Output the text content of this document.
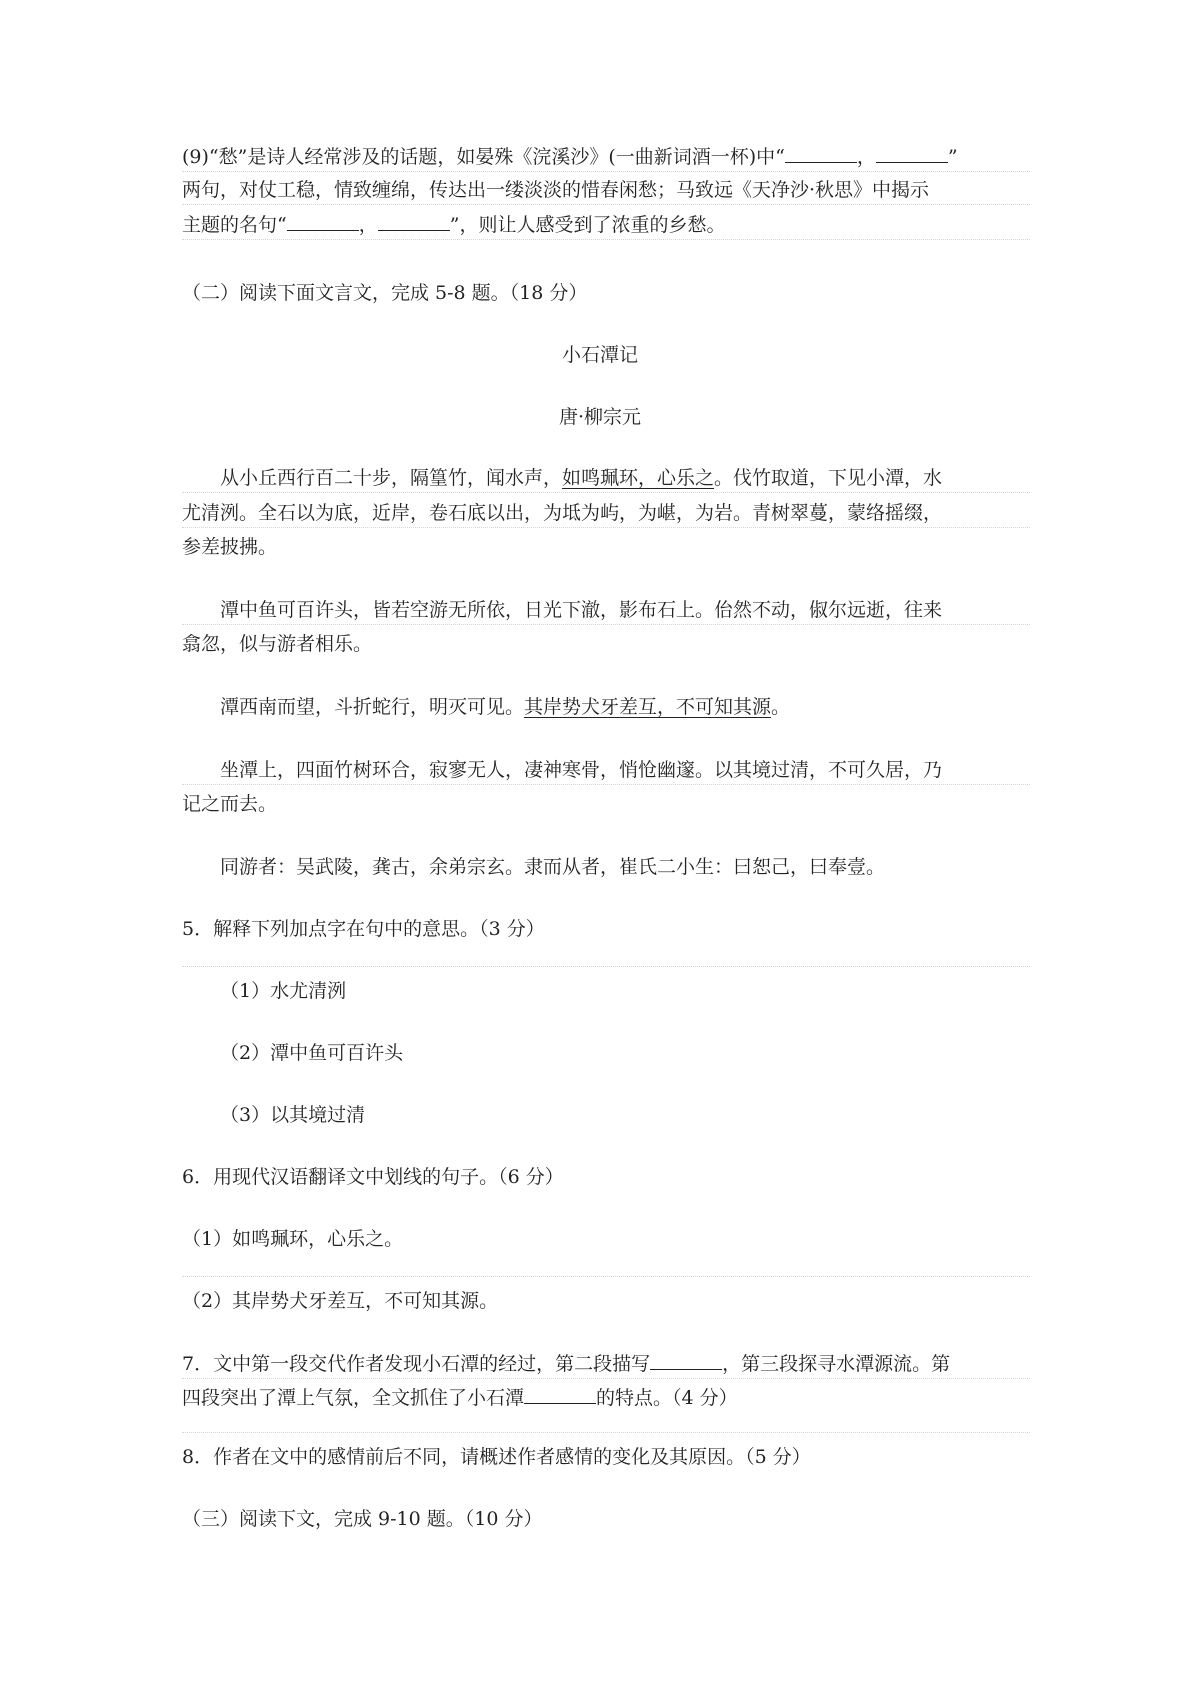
(9)“愁”是诗人经常涉及的话题，如晏殊《浣溪沙》(一曲新词酒一杯)中“	，	”
两句，对仗工稳，情致缠绵，传达出一缕淡淡的惜春闲愁；马致远《天净沙·秋思》中揭示
主题的名句“	，	”，则让人感受到了浓重的乡愁。
（二）阅读下面文言文，完成 5-8 题。（18 分）
小石潭记
唐·柳宗元
从小丘西行百二十步，隔篁竹，闻水声，如鸣珮环，心乐之。伐竹取道，下见小潭，水
尤清洌。全石以为底，近岸，卷石底以出，为坻为屿，为嵁，为岩。青树翠蔓，蒙络摇缀，
参差披拂。
潭中鱼可百许头，皆若空游无所依，日光下澈，影布石上。佁然不动，俶尔远逝，往来
翕忽，似与游者相乐。
潭西南而望，斗折蛇行，明灭可见。其岸势犬牙差互，不可知其源。
坐潭上，四面竹树环合，寂寥无人，凄神寒骨，悄怆幽邃。以其境过清，不可久居，乃
记之而去。
同游者：吴武陵，龚古，余弟宗玄。隶而从者，崔氏二小生：曰恕己，曰奉壹。
5．解释下列加点字在句中的意思。（3 分）
（1）水尤清洌
（2）潭中鱼可百许头
（3）以其境过清
6．用现代汉语翻译文中划线的句子。（6 分）
（1）如鸣珮环，心乐之。
（2）其岸势犬牙差互，不可知其源。
7．文中第一段交代作者发现小石潭的经过，第二段描写	，第三段探寻水潭源流。第
四段突出了潭上气氛，全文抓住了小石潭	的特点。（4 分）
8．作者在文中的感情前后不同，请概述作者感情的变化及其原因。（5 分）
（三）阅读下文，完成 9-10 题。（10 分）
